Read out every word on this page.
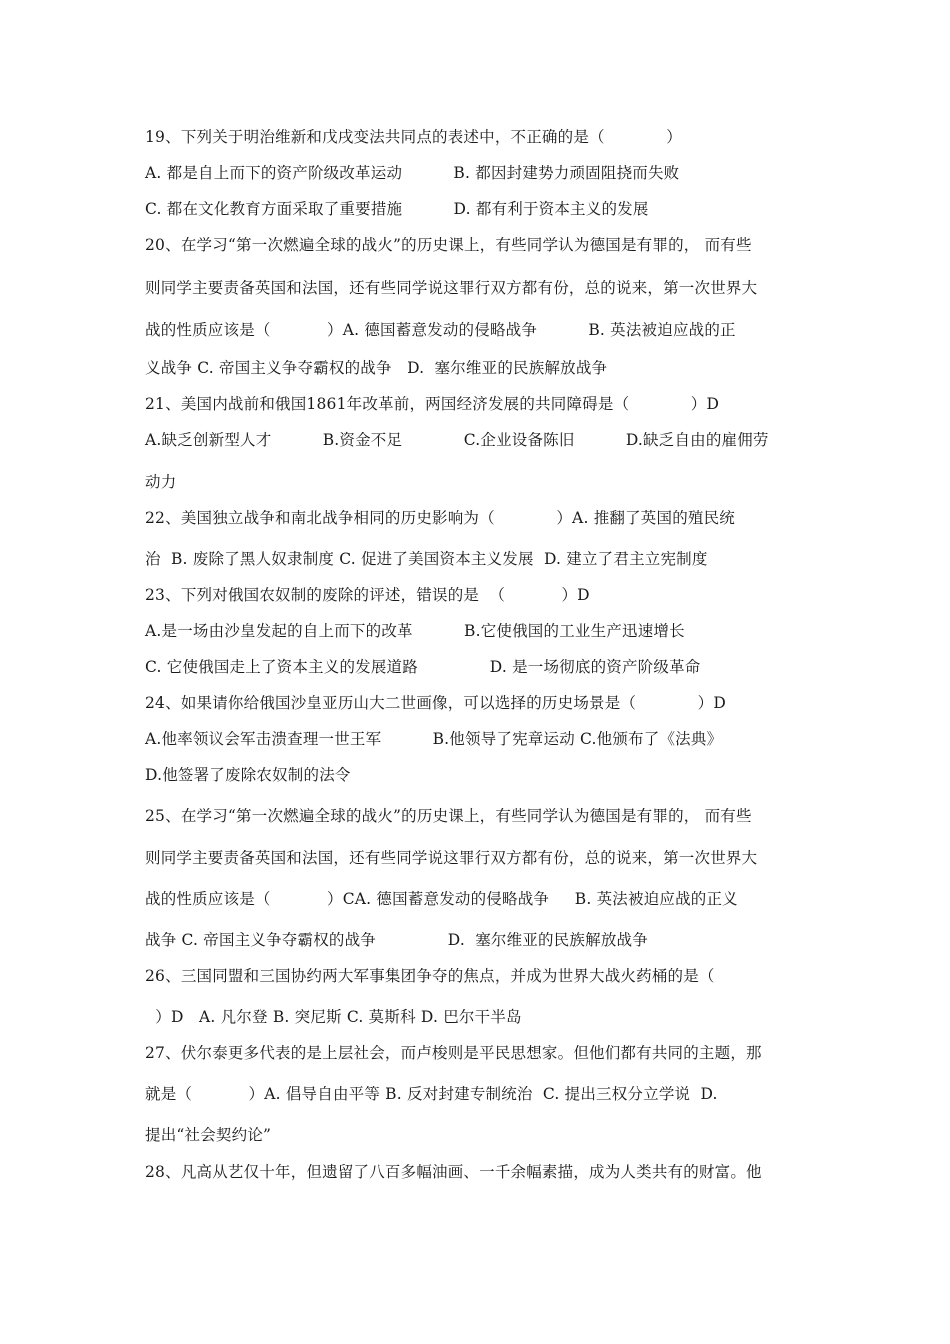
19、下列关于明治维新和戊戌变法共同点的表述中，不正确的是（            ）
A. 都是自上而下的资产阶级改革运动          B. 都因封建势力顽固阻挠而失败
C. 都在文化教育方面采取了重要措施          D. 都有利于资本主义的发展
20、在学习“第一次燃遍全球的战火”的历史课上，有些同学认为德国是有罪的， 而有些
则同学主要责备英国和法国，还有些同学说这罪行双方都有份，总的说来，第一次世界大
战的性质应该是（           ）A. 德国蓄意发动的侵略战争          B. 英法被迫应战的正
义战争 C. 帝国主义争夺霸权的战争   D.  塞尔维亚的民族解放战争
21、美国内战前和俄国1861年改革前，两国经济发展的共同障碍是（            ）D
A.缺乏创新型人才          B.资金不足            C.企业设备陈旧          D.缺乏自由的雇佣劳
动力
22、美国独立战争和南北战争相同的历史影响为（            ）A. 推翻了英国的殖民统
治  B. 废除了黑人奴隶制度 C. 促进了美国资本主义发展  D. 建立了君主立宪制度
23、下列对俄国农奴制的废除的评述，错误的是  （           ）D
A.是一场由沙皇发起的自上而下的改革          B.它使俄国的工业生产迅速增长
C. 它使俄国走上了资本主义的发展道路              D. 是一场彻底的资产阶级革命
24、如果请你给俄国沙皇亚历山大二世画像，可以选择的历史场景是（            ）D
A.他率领议会军击溃查理一世王军          B.他领导了宪章运动 C.他颁布了《法典》
D.他签署了废除农奴制的法令
25、在学习“第一次燃遍全球的战火”的历史课上，有些同学认为德国是有罪的， 而有些
则同学主要责备英国和法国，还有些同学说这罪行双方都有份，总的说来，第一次世界大
战的性质应该是（           ）CA. 德国蓄意发动的侵略战争     B. 英法被迫应战的正义
战争 C. 帝国主义争夺霸权的战争              D.  塞尔维亚的民族解放战争
26、三国同盟和三国协约两大军事集团争夺的焦点，并成为世界大战火药桶的是（
）D   A. 凡尔登 B. 突尼斯 C. 莫斯科 D. 巴尔干半岛
27、伏尔泰更多代表的是上层社会，而卢梭则是平民思想家。但他们都有共同的主题，那
就是（           ）A. 倡导自由平等 B. 反对封建专制统治  C. 提出三权分立学说  D.
提出“社会契约论”
28、凡高从艺仅十年，但遗留了八百多幅油画、一千余幅素描，成为人类共有的财富。他
